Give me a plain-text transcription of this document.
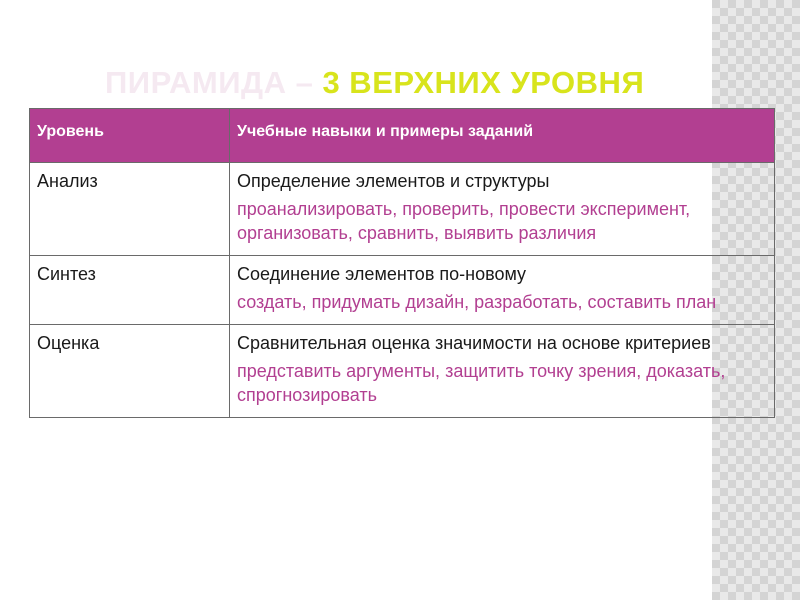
ПИРАМИДА – 3 ВЕРХНИХ УРОВНЯ
Уровень	Учебные навыки и примеры заданий
Анализ	Определение элементов и структуры
проанализировать, проверить, провести эксперимент, организовать, сравнить, выявить различия

Синтез	Соединение элементов по-новому
создать, придумать дизайн, разработать, составить план

Оценка	Сравнительная оценка значимости на основе критериев
представить аргументы, защитить точку зрения, доказать, спрогнозировать
